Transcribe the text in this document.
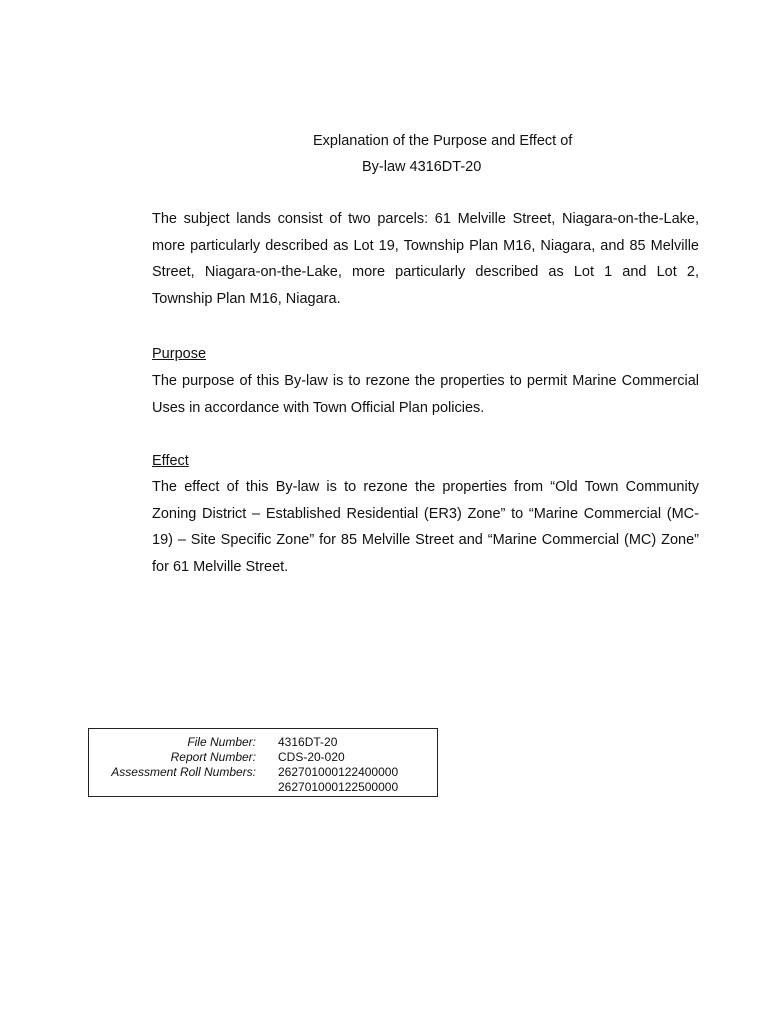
Explanation of the Purpose and Effect of
By-law 4316DT-20
The subject lands consist of two parcels: 61 Melville Street, Niagara-on-the-Lake, more particularly described as Lot 19, Township Plan M16, Niagara, and 85 Melville Street, Niagara-on-the-Lake, more particularly described as Lot 1 and Lot 2, Township Plan M16, Niagara.
Purpose
The purpose of this By-law is to rezone the properties to permit Marine Commercial Uses in accordance with Town Official Plan policies.
Effect
The effect of this By-law is to rezone the properties from “Old Town Community Zoning District – Established Residential (ER3) Zone” to “Marine Commercial (MC-19) – Site Specific Zone” for 85 Melville Street and “Marine Commercial (MC) Zone” for 61 Melville Street.
File Number:
Report Number:
Assessment Roll Numbers:
4316DT-20
CDS-20-020
262701000122400000
262701000122500000
